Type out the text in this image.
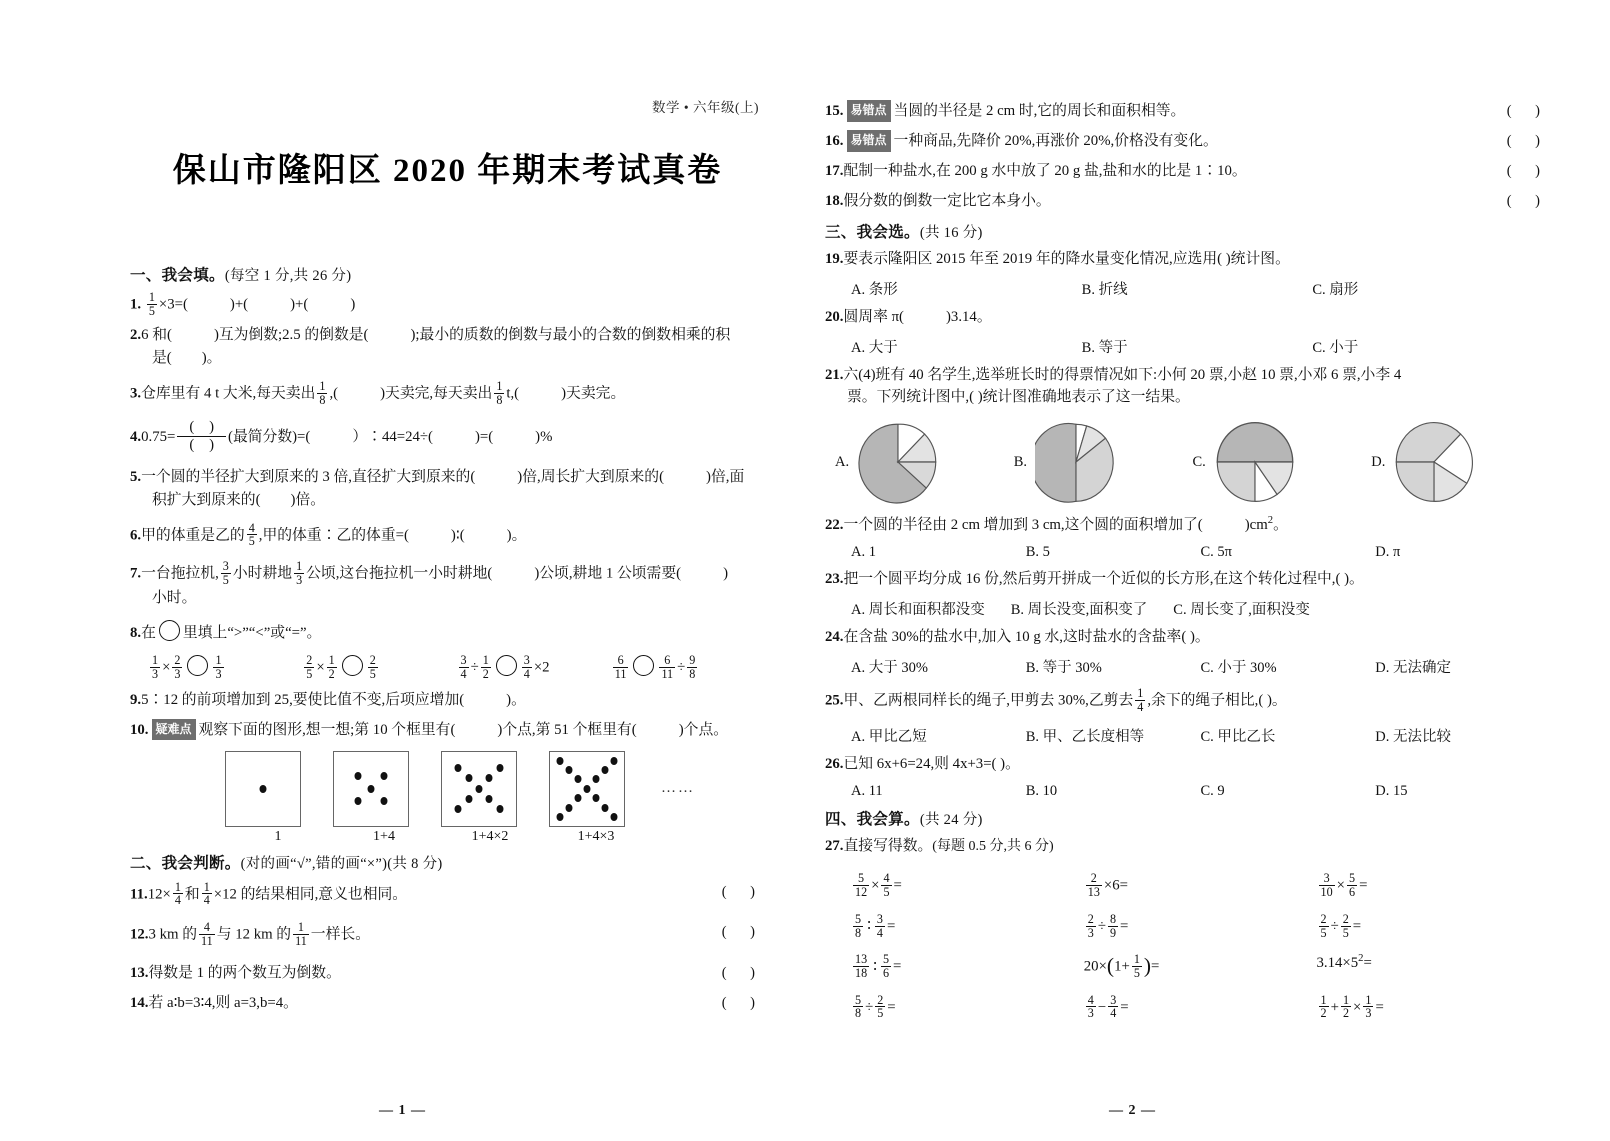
数学 • 六年级(上)
保山市隆阳区 2020 年期末考试真卷
一、我会填。(每空 1 分,共 26 分)
1. $\frac{1}{5} \times 3=$(	)+(	)+(	)
2.6 和(	)互为倒数;2.5 的倒数是(	);最小的质数的倒数与最小的合数的倒数相乘的积
是( )。
3.仓库里有 4 t 大米,每天卖出 $\frac{1}{8}$ ,(	)天卖完,每天卖出 $\frac{1}{8} t$,(	)天卖完。
$4.0.75= \frac{( )}{( )}$ (最简分数)=(	）∶44=24÷(	)=(	)%
5.一个圆的半径扩大到原来的 3 倍,直径扩大到原来的(	)倍,周长扩大到原来的(	)倍,面
积扩大到原来的( )倍。
6.甲的体重是乙的 $\frac{4}{5}$ ,甲的体重∶乙的体重=(	)∶(	)。
7.一台拖拉机, $\frac{3}{5}$ 小时耕地 $\frac{1}{3}$ 公顷,这台拖拉机一小时耕地(	)公顷,耕地 1 公顷需要(	)
小时。
8.在 里填上“>”“<”或“=”。
$\frac{1}{3} \times \frac{2}{3}$	$\frac{1}{3}$	$\frac{2}{5} \times \frac{1}{2}$	$\frac{2}{5}$	$\frac{3}{4} \div \frac{1}{2}$	$\frac{3}{4} \times 2$	$\frac{6}{11}$	$\frac{6}{11} \div \frac{9}{8}$
9.5∶12 的前项增加到 25,要使比值不变,后项应增加(	)。
10. 疑难点 观察下面的图形,想一想;第 10 个框里有(	)个点,第 51 个框里有(	)个点。
……
1	1+4	1+4×2	1+4×3
二、我会判断。(对的画“√”,错的画“×”)(共 8 分)
$11.12\times \frac{1}{4}$ 和 $\frac{1}{4} \times 12$ 的结果相同,意义也相同。	( )
12.3 km 的 $\frac{4}{11}$ 与 12 km 的 $\frac{1}{11}$ 一样长。	( )
13.得数是 1 的两个数互为倒数。	( )
14.若 a∶b=3∶4,则 a=3,b=4。	( )
— 1 —
15. 易错点 当圆的半径是 2 cm 时,它的周长和面积相等。	( )
16. 易错点 一种商品,先降价 20%,再涨价 20%,价格没有变化。	( )
17.配制一种盐水,在 200 g 水中放了 20 g 盐,盐和水的比是 1∶10。	( )
18.假分数的倒数一定比它本身小。	( )
三、我会选。(共 16 分)
19.要表示隆阳区 2015 年至 2019 年的降水量变化情况,应选用( )统计图。
A. 条形	B. 折线	C. 扇形
20.圆周率 π(	)3.14。
A. 大于	B. 等于	C. 小于
21.六(4)班有 40 名学生,选举班长时的得票情况如下:小何 20 票,小赵 10 票,小邓 6 票,小李 4
票。下列统计图中,( )统计图准确地表示了这一结果。
A.	B.	C.	D.
22.一个圆的半径由 2 cm 增加到 3 cm,这个圆的面积增加了(	)$cm^2$。
A. 1	B. 5	C. 5π	D. π
23.把一个圆平均分成 16 份,然后剪开拼成一个近似的长方形,在这个转化过程中,( )。
A. 周长和面积都没变 B. 周长没变,面积变了 C. 周长变了,面积没变
24.在含盐 30%的盐水中,加入 10 g 水,这时盐水的含盐率( )。
A. 大于 30%	B. 等于 30%	C. 小于 30%	D. 无法确定
25.甲、乙两根同样长的绳子,甲剪去 30%,乙剪去 $\frac{1}{4}$ ,余下的绳子相比,( )。
A. 甲比乙短	B. 甲、乙长度相等	C. 甲比乙长	D. 无法比较
26.已知 6x+6=24,则 4x+3=( )。
A. 11	B. 10	C. 9	D. 15
四、我会算。(共 24 分)
27.直接写得数。(每题 0.5 分,共 6 分)
$\frac{5}{12} \times \frac{4}{5}$ =	$\frac{2}{13} \times 6=$	$\frac{3}{10} \times \frac{5}{6}$ =
$\frac{5}{8}$ ∶ $\frac{3}{4}$ =	$\frac{2}{3} \div \frac{8}{9}$ =	$\frac{2}{5} \div \frac{2}{5}$ =
$\frac{13}{18}$ ∶ $\frac{5}{6}$ =	$20\times(1+ \frac{1}{5}$ )=	$3.14\times 5^2=$
$\frac{5}{8} \div \frac{2}{5}$ =	$\frac{4}{3} - \frac{3}{4}$ =	$\frac{1}{2} + \frac{1}{2} \times \frac{1}{3}$ =
— 2 —
